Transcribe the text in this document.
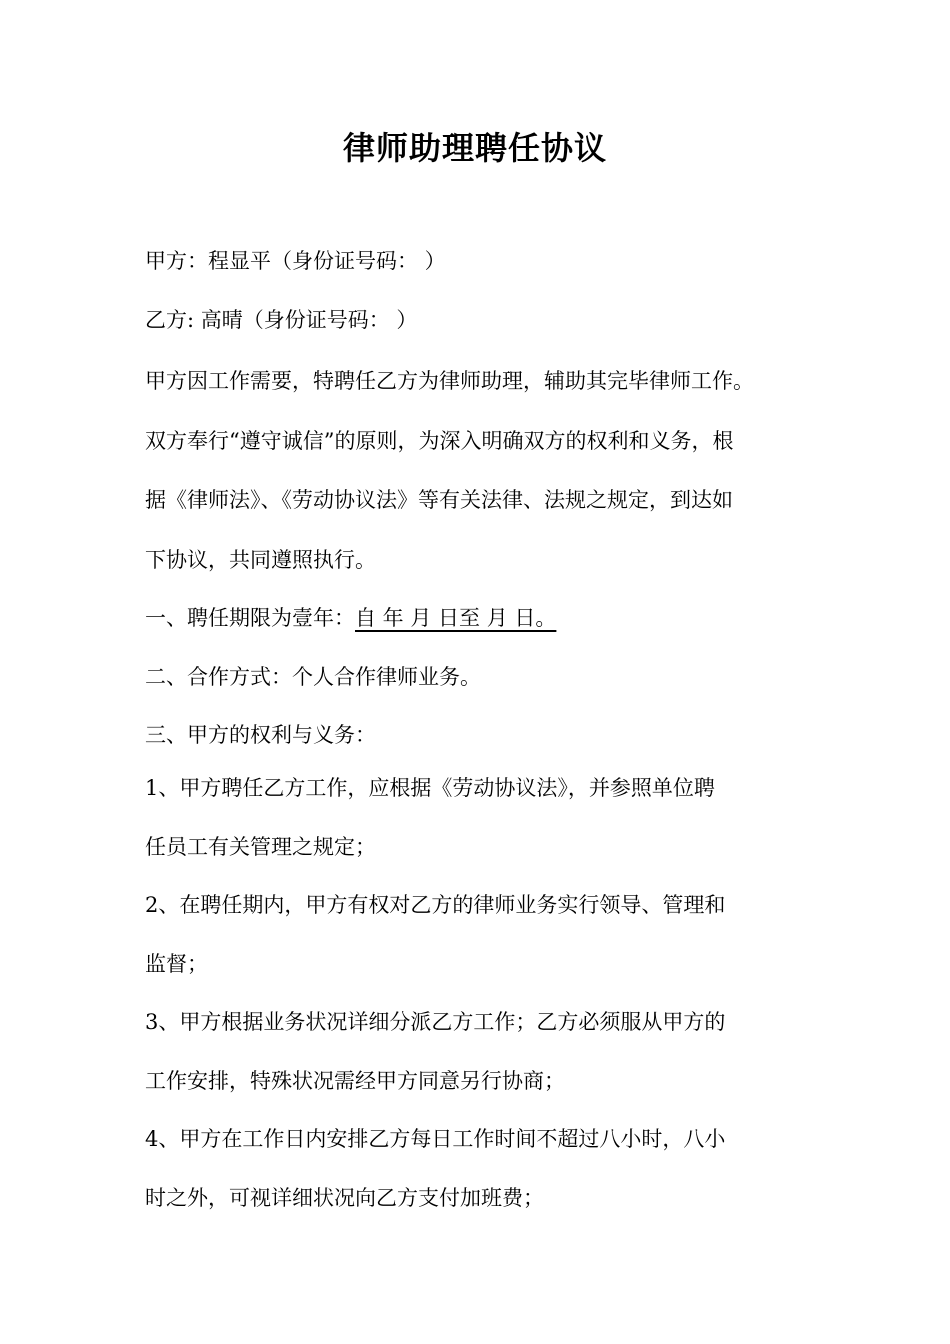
律师助理聘任协议
甲方：程显平（身份证号码： ）
乙方: 高晴（身份证号码： ）
甲方因工作需要，特聘任乙方为律师助理，辅助其完毕律师工作。
双方奉行“遵守诚信”的原则，为深入明确双方的权利和义务，根
据《律师法》、《劳动协议法》等有关法律、法规之规定，到达如
下协议，共同遵照执行。
一、聘任期限为壹年：自 年 月 日至 月 日。
二、合作方式：个人合作律师业务。
三、甲方的权利与义务：
1、甲方聘任乙方工作，应根据《劳动协议法》，并参照单位聘
任员工有关管理之规定；
2、在聘任期内，甲方有权对乙方的律师业务实行领导、管理和
监督；
3、甲方根据业务状况详细分派乙方工作；乙方必须服从甲方的
工作安排，特殊状况需经甲方同意另行协商；
4、甲方在工作日内安排乙方每日工作时间不超过八小时，八小
时之外，可视详细状况向乙方支付加班费；
